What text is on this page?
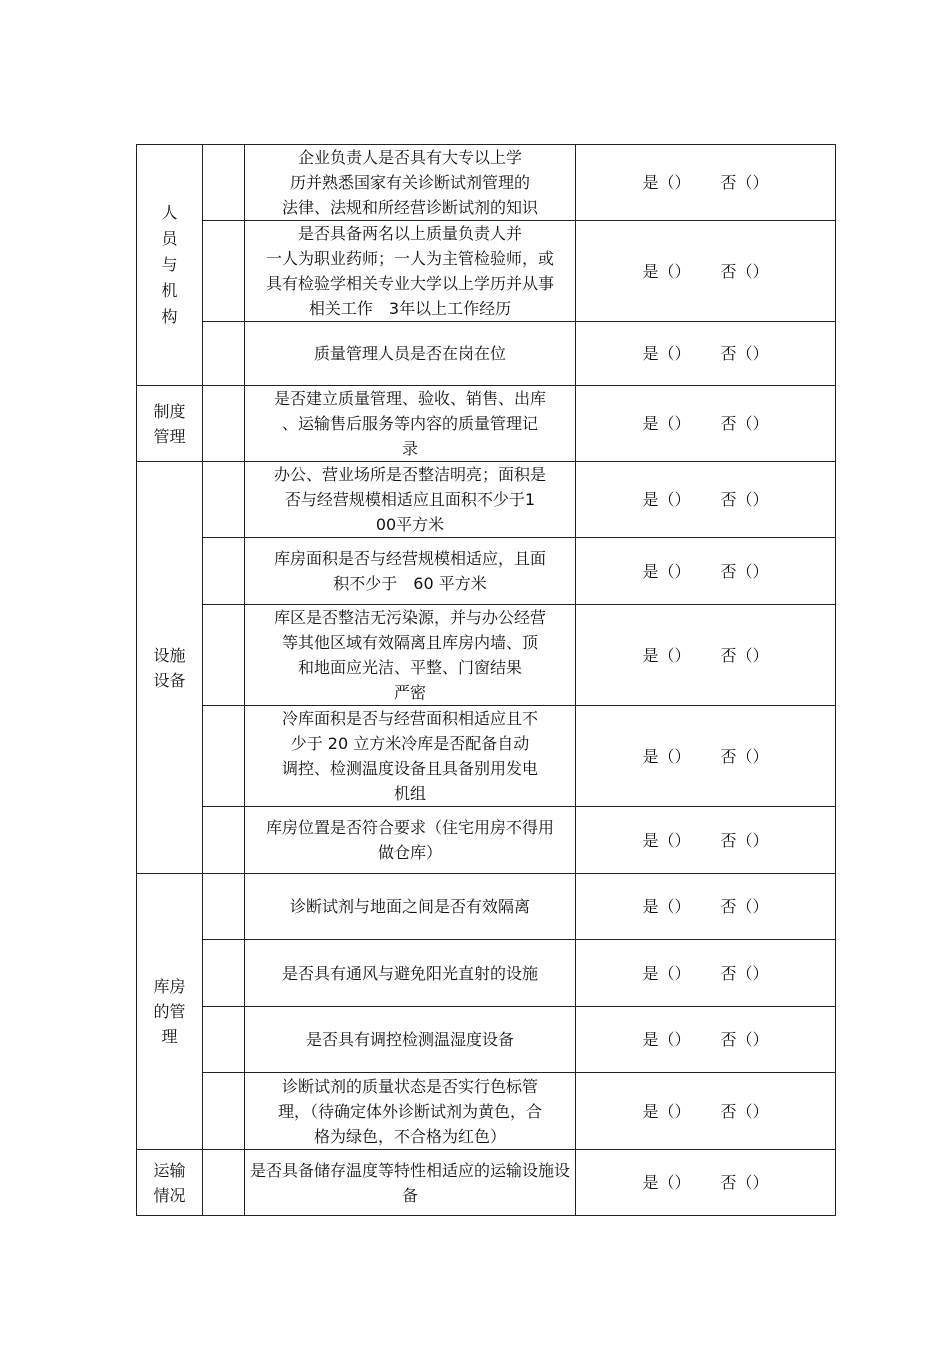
人
员
与
机
构		企业负责人是否具有大专以上学
历并熟悉国家有关诊断试剂管理的
法律、法规和所经营诊断试剂的知识	是（） 否（）
		是否具备两名以上质量负责人并　
一人为职业药师；一人为主管检验师，或
具有检验学相关专业大学以上学历并从事
相关工作　3年以上工作经历	是（） 否（）
		质量管理人员是否在岗在位	是（） 否（）
制度
管理		是否建立质量管理、验收、销售、出库
、运输售后服务等内容的质量管理记
录	是（） 否（）
设施
设备		办公、营业场所是否整洁明亮；面积是
否与经营规模相适应且面积不少于1
00平方米	是（） 否（）
		库房面积是否与经营规模相适应，且面
积不少于　60 平方米	是（） 否（）
		库区是否整洁无污染源，并与办公经营
等其他区域有效隔离且库房内墙、顶
和地面应光洁、平整、门窗结果
严密	是（） 否（）
		冷库面积是否与经营面积相适应且不
少于 20 立方米冷库是否配备自动
调控、检测温度设备且具备别用发电
机组	是（） 否（）
		库房位置是否符合要求（住宅用房不得用
做仓库）	是（） 否（）
库房
的管
理		诊断试剂与地面之间是否有效隔离	是（） 否（）
		是否具有通风与避免阳光直射的设施	是（） 否（）
		是否具有调控检测温湿度设备	是（） 否（）
		诊断试剂的质量状态是否实行色标管
理，（待确定体外诊断试剂为黄色，合
格为绿色，不合格为红色）	是（） 否（）
运输
情况		是否具备储存温度等特性相适应的运输设施设备	是（） 否（）
